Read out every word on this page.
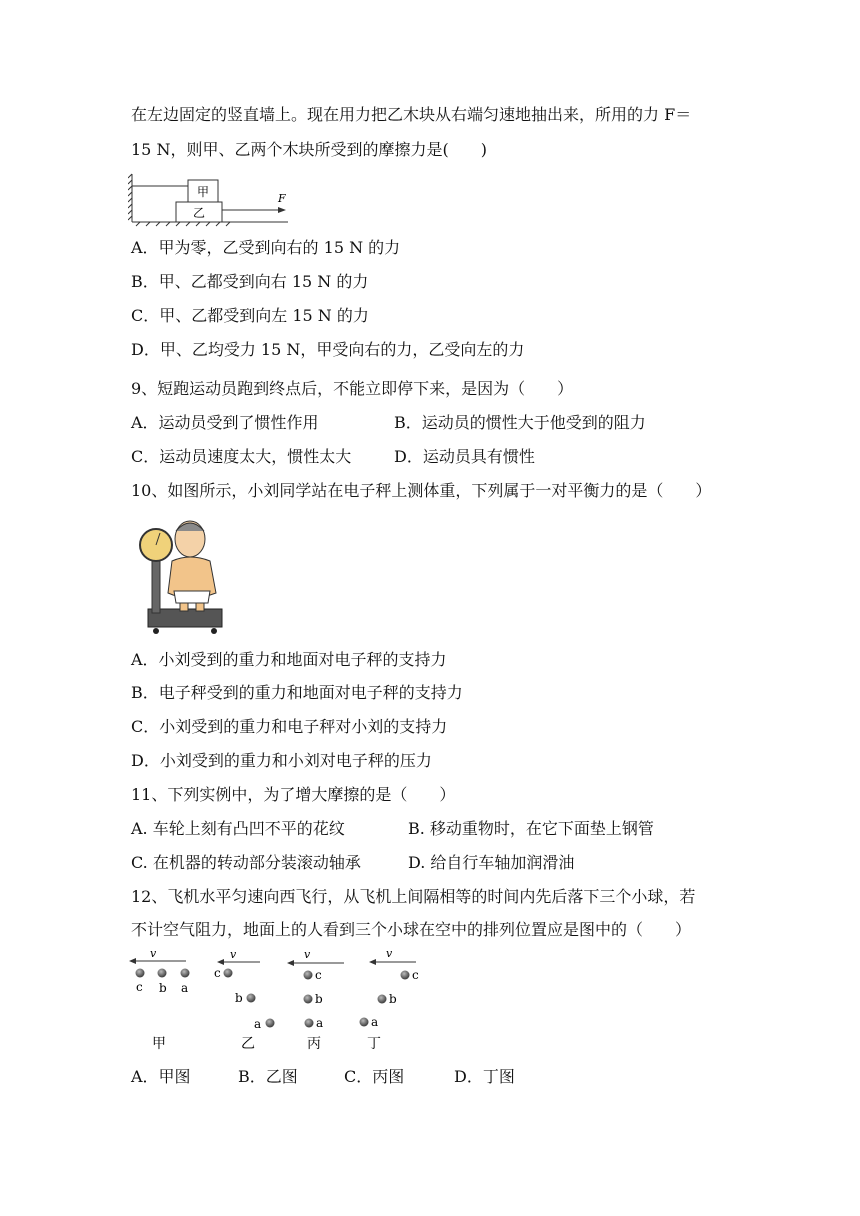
在左边固定的竖直墙上。现在用力把乙木块从右端匀速地抽出来，所用的力 F＝
15 N，则甲、乙两个木块所受到的摩擦力是(　　)
甲
乙
F
A．甲为零，乙受到向右的 15 N 的力
B．甲、乙都受到向右 15 N 的力
C．甲、乙都受到向左 15 N 的力
D．甲、乙均受力 15 N，甲受向右的力，乙受向左的力
9、短跑运动员跑到终点后，不能立即停下来，是因为（　　）
A．运动员受到了惯性作用	B．运动员的惯性大于他受到的阻力
C．运动员速度太大，惯性太大	D．运动员具有惯性
10、如图所示，小刘同学站在电子秤上测体重，下列属于一对平衡力的是（　　）
A．小刘受到的重力和地面对电子秤的支持力
B．电子秤受到的重力和地面对电子秤的支持力
C．小刘受到的重力和电子秤对小刘的支持力
D．小刘受到的重力和小刘对电子秤的压力
11、下列实例中，为了增大摩擦的是（　　）
A. 车轮上刻有凸凹不平的花纹	B. 移动重物时，在它下面垫上钢管
C. 在机器的转动部分装滚动轴承	D. 给自行车轴加润滑油
12、飞机水平匀速向西飞行，从飞机上间隔相等的时间内先后落下三个小球，若
不计空气阻力，地面上的人看到三个小球在空中的排列位置应是图中的（　　）
v
c b a
甲
v
c
b
a
乙
v
c
b
a
丙
v
c
b
a
丁
A．甲图	B．乙图	C．丙图	D．丁图
